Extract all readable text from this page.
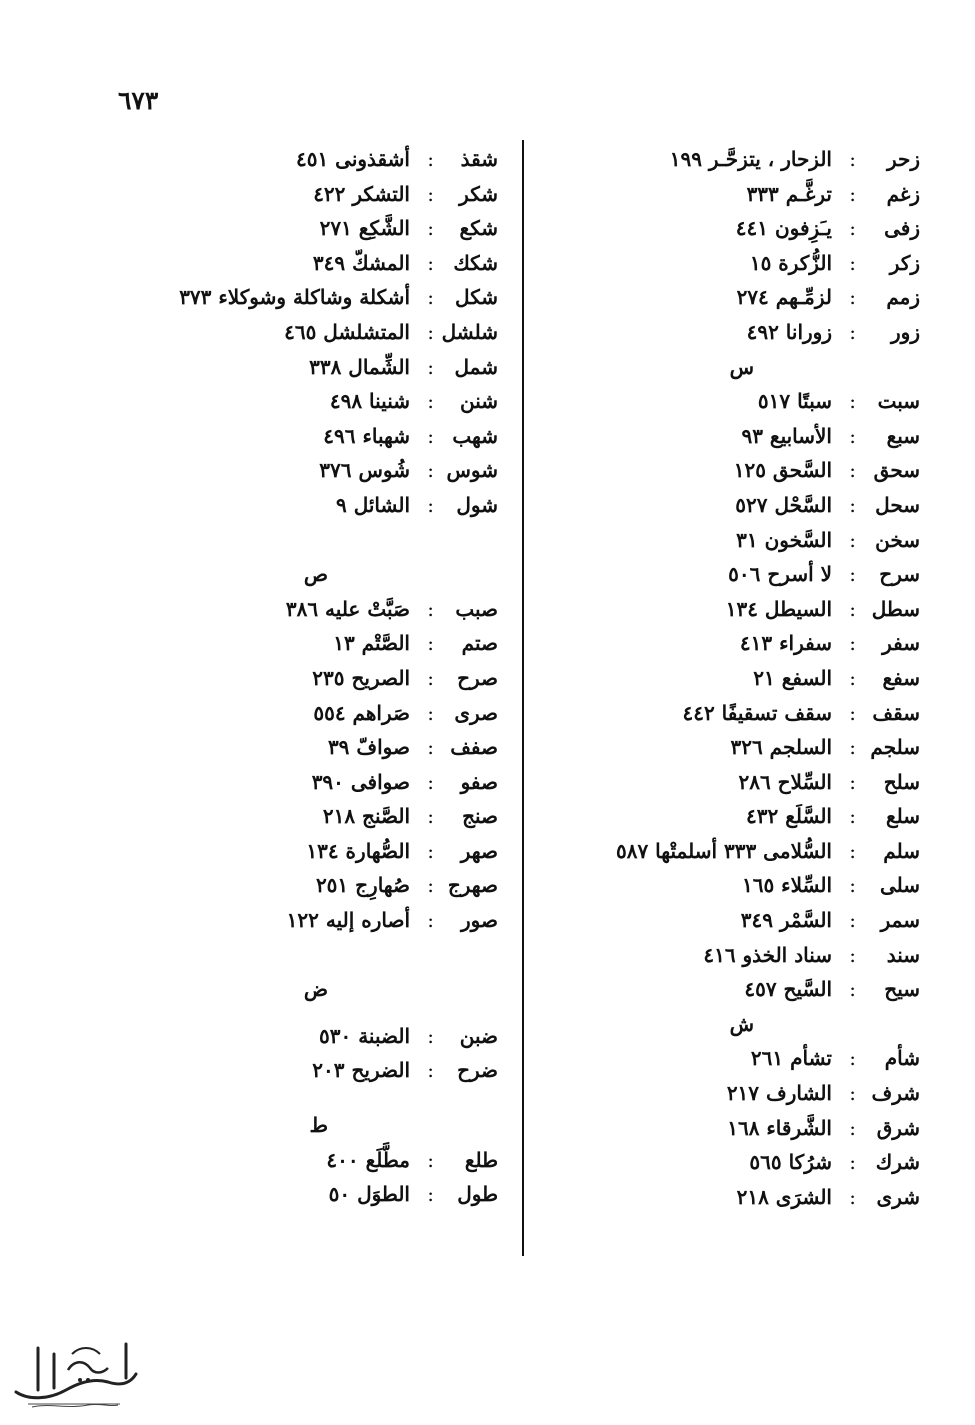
٦٧٣
زحر
:
الزحار ، يتزحَّـر ١٩٩
زغم
:
ترغَّـم ٣٣٣
زفى
:
يـَزِفون ٤٤١
زكر
:
الزُّكرة ١٥
زمم
:
لزمِّـهم ٢٧٤
زور
:
زورانا ٤٩٢
س
سبت
:
سبتًا ٥١٧
سبع
:
الأسابيع ٩٣
سحق
:
السَّحق ١٢٥
سحل
:
السَّحْل ٥٢٧
سخن
:
السَّخون ٣١
سرح
:
لا أسرح ٥٠٦
سطل
:
السيطل ١٣٤
سفر
:
سفراء ٤١٣
سفع
:
السفع ٢١
سقف
:
سقف تسقيفًا ٤٤٢
سلجم
:
السلجم ٣٢٦
سلح
:
السِّلاح ٢٨٦
سلع
:
السَّلَع ٤٣٢
سلم
:
السُّلامى ٣٣٣ أسلمتْها ٥٨٧
سلى
:
السِّلاء ١٦٥
سمر
:
السَّمْر ٣٤٩
سند
:
سناد الخذو ٤١٦
سيح
:
السَّيح ٤٥٧
ش
شأم
:
تشأم ٢٦١
شرف
:
الشارف ٢١٧
شرق
:
الشَّرقاء ١٦٨
شرك
:
شرُكا ٥٦٥
شرى
:
الشرَى ٢١٨
شقذ
:
أشقذونى ٤٥١
شكر
:
التشكر ٤٢٢
شكع
:
الشَّكِع ٢٧١
شكك
:
المشكّ ٣٤٩
شكل
:
أشكلة وشاكلة وشوكلاء ٣٧٣
شلشل
:
المتشلشل ٤٦٥
شمل
:
الشِّمال ٣٣٨
شنن
:
شنينا ٤٩٨
شهب
:
شهباء ٤٩٦
شوس
:
شُوس ٣٧٦
شول
:
الشائل ٩
ص
صبب
:
صَبَّتْ عليه ٣٨٦
صتم
:
الصَّتْم ١٣
صرح
:
الصريح ٢٣٥
صرى
:
صَراهم ٥٥٤
صفف
:
صوافّ ٣٩
صفو
:
صوافى ٣٩٠
صنج
:
الصَّنج ٢١٨
صهر
:
الصُّهارة ١٣٤
صهرج
:
صُهارِج ٢٥١
صور
:
أصاره إليه ١٢٢
ض
ضبن
:
الضبنة ٥٣٠
ضرح
:
الضريح ٢٠٣
ط
طلع
:
مطَّلَع ٤٠٠
طول
:
الطوَل ٥٠
